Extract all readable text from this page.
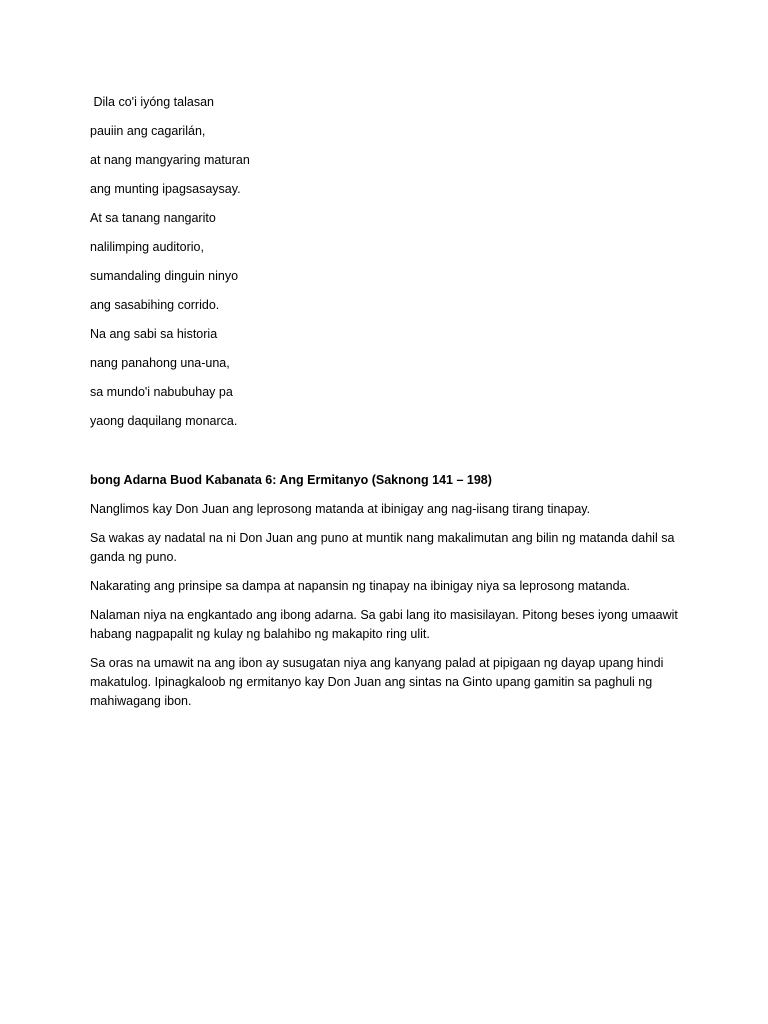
Dila co'i iyóng talasan

pauiin ang cagarilán,

at nang mangyaring maturan

ang munting ipagsasaysay.

At sa tanang nangarito

nalilimping auditorio,

sumandaling dinguin ninyo

ang sasabihing corrido.

Na ang sabi sa historia

nang panahong una-una,

sa mundo'i nabubuhay pa

yaong daquilang monarca.

bong Adarna Buod Kabanata 6: Ang Ermitanyo (Saknong 141 – 198)

Nanglimos kay Don Juan ang leprosong matanda at ibinigay ang nag-iisang tirang tinapay.

Sa wakas ay nadatal na ni Don Juan ang puno at muntik nang makalimutan ang bilin ng matanda dahil sa ganda ng puno.

Nakarating ang prinsipe sa dampa at napansin ng tinapay na ibinigay niya sa leprosong matanda.

Nalaman niya na engkantado ang ibong adarna. Sa gabi lang ito masisilayan. Pitong beses iyong umaawit habang nagpapalit ng kulay ng balahibo ng makapito ring ulit.

Sa oras na umawit na ang ibon ay susugatan niya ang kanyang palad at pipigaan ng dayap upang hindi makatulog. Ipinagkaloob ng ermitanyo kay Don Juan ang sintas na Ginto upang gamitin sa paghuli ng mahiwagang ibon.
